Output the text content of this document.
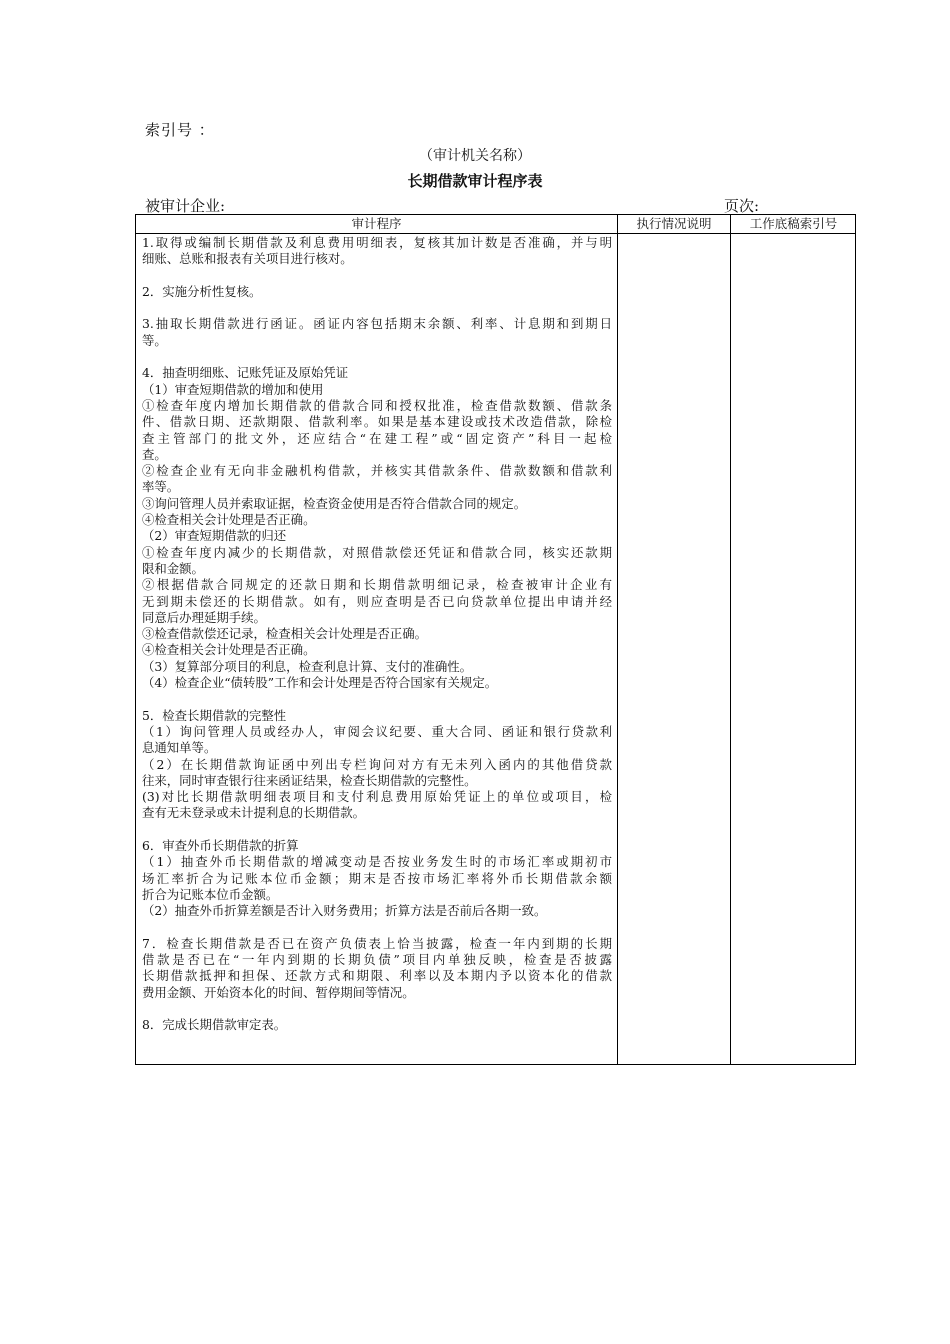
索引号 ：
（审计机关名称）
长期借款审计程序表
被审计企业:	页次:
审计程序	执行情况说明	工作底稿索引号
1.取得或编制长期借款及利息费用明细表，复核其加计数是否准确，并与明
细账、总账和报表有关项目进行核对。
2．实施分析性复核。
3.抽取长期借款进行函证。函证内容包括期末余额、利率、计息期和到期日
等。
4．抽查明细账、记账凭证及原始凭证
（1）审查短期借款的增加和使用
①检查年度内增加长期借款的借款合同和授权批准，检查借款数额、借款条
件、借款日期、还款期限、借款利率。如果是基本建设或技术改造借款，除检
查主管部门的批文外，还应结合“在建工程”或“固定资产”科目一起检
查。
②检查企业有无向非金融机构借款，并核实其借款条件、借款数额和借款利
率等。
③询问管理人员并索取证据，检查资金使用是否符合借款合同的规定。
④检查相关会计处理是否正确。
（2）审查短期借款的归还
①检查年度内减少的长期借款，对照借款偿还凭证和借款合同，核实还款期
限和金额。
②根据借款合同规定的还款日期和长期借款明细记录，检查被审计企业有
无到期未偿还的长期借款。如有，则应查明是否已向贷款单位提出申请并经
同意后办理延期手续。
③检查借款偿还记录，检查相关会计处理是否正确。
④检查相关会计处理是否正确。
（3）复算部分项目的利息，检查利息计算、支付的准确性。
（4）检查企业“债转股”工作和会计处理是否符合国家有关规定。
5．检查长期借款的完整性
（1）询问管理人员或经办人，审阅会议纪要、重大合同、函证和银行贷款利
息通知单等。
（2）在长期借款询证函中列出专栏询问对方有无未列入函内的其他借贷款
往来，同时审查银行往来函证结果，检查长期借款的完整性。
(3)对比长期借款明细表项目和支付利息费用原始凭证上的单位或项目，检
查有无未登录或未计提利息的长期借款。
6．审查外币长期借款的折算
（1）抽查外币长期借款的增减变动是否按业务发生时的市场汇率或期初市
场汇率折合为记账本位币金额；期末是否按市场汇率将外币长期借款余额
折合为记账本位币金额。
（2）抽查外币折算差额是否计入财务费用；折算方法是否前后各期一致。
7．检查长期借款是否已在资产负债表上恰当披露，检查一年内到期的长期
借款是否已在“一年内到期的长期负债”项目内单独反映，检查是否披露
长期借款抵押和担保、还款方式和期限、利率以及本期内予以资本化的借款
费用金额、开始资本化的时间、暂停期间等情况。
8．完成长期借款审定表。
